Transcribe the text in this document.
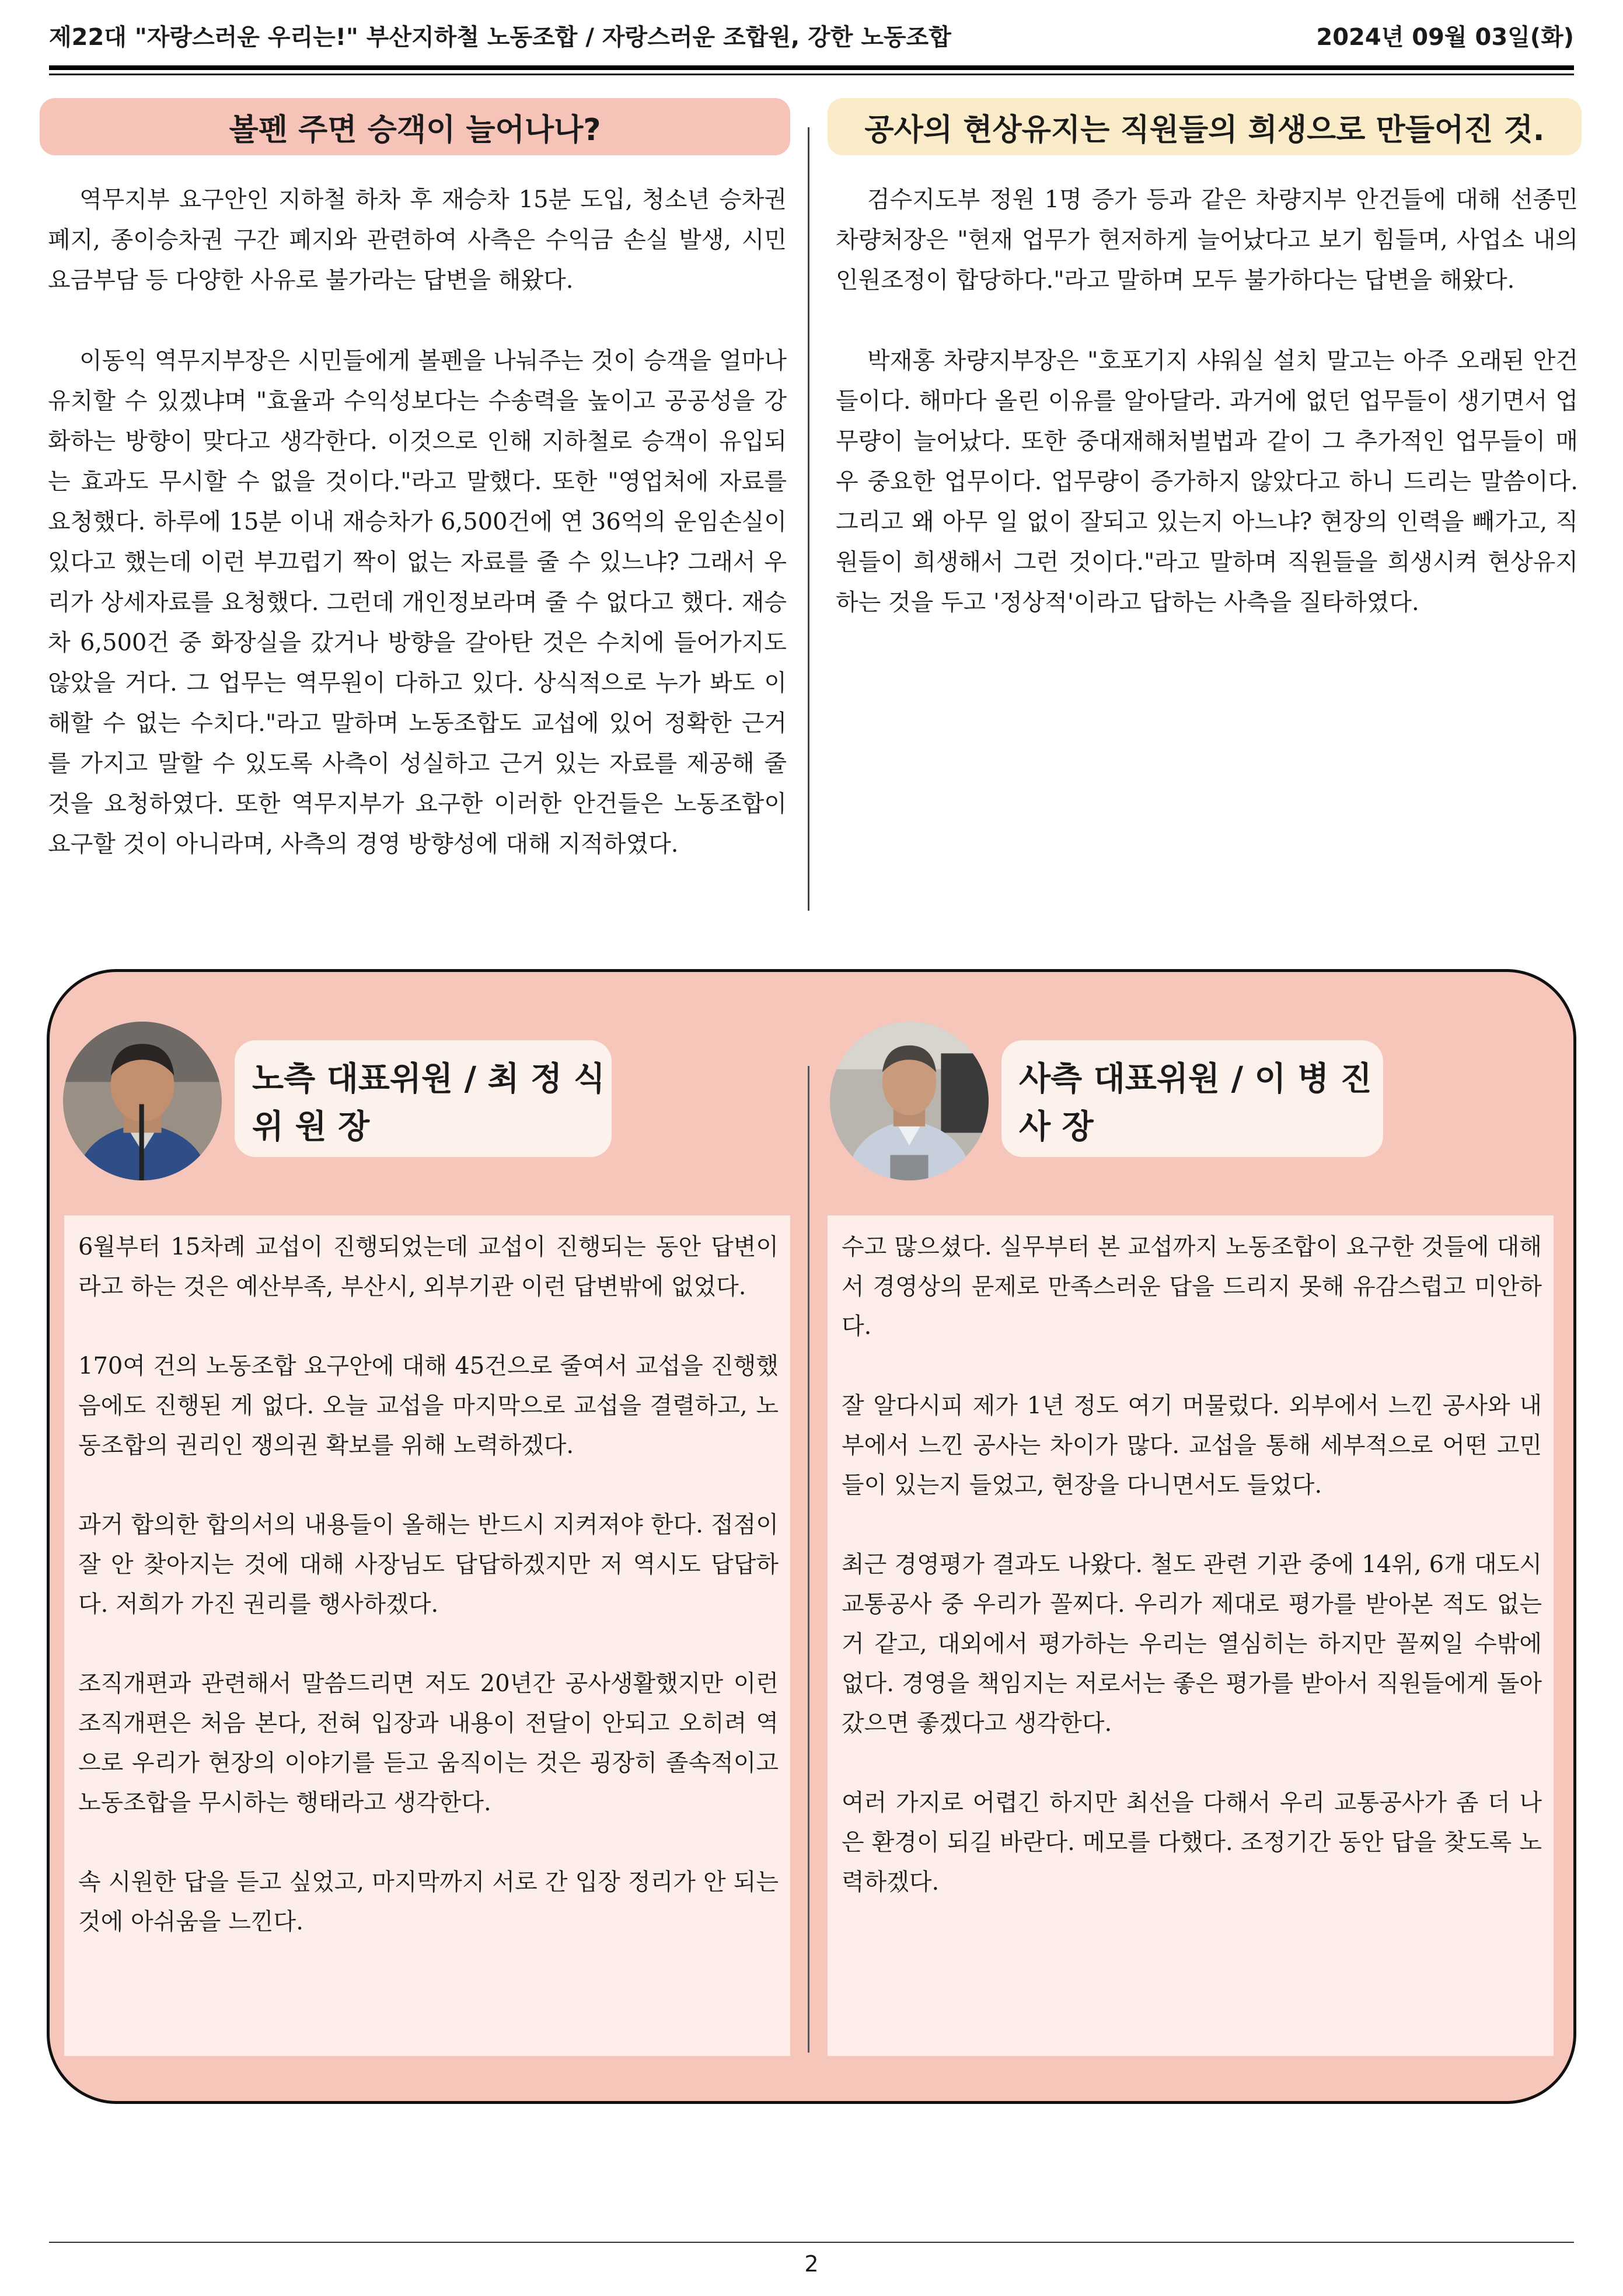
제22대 "자랑스러운 우리는!" 부산지하철 노동조합 / 자랑스러운 조합원, 강한 노동조합	2024년 09월 03일(화)
볼펜 주면 승객이 늘어나나?

역무지부 요구안인 지하철 하차 후 재승차 15분 도입, 청소년 승차권 폐지, 종이승차권 구간 폐지와 관련하여 사측은 수익금 손실 발생, 시민 요금부담 등 다양한 사유로 불가라는 답변을 해왔다.

이동익 역무지부장은 시민들에게 볼펜을 나눠주는 것이 승객을 얼마나 유치할 수 있겠냐며 "효율과 수익성보다는 수송력을 높이고 공공성을 강화하는 방향이 맞다고 생각한다. 이것으로 인해 지하철로 승객이 유입되는 효과도 무시할 수 없을 것이다."라고 말했다. 또한 "영업처에 자료를 요청했다. 하루에 15분 이내 재승차가 6,500건에 연 36억의 운임손실이 있다고 했는데 이런 부끄럽기 짝이 없는 자료를 줄 수 있느냐? 그래서 우리가 상세자료를 요청했다. 그런데 개인정보라며 줄 수 없다고 했다. 재승차 6,500건 중 화장실을 갔거나 방향을 갈아탄 것은 수치에 들어가지도 않았을 거다. 그 업무는 역무원이 다하고 있다. 상식적으로 누가 봐도 이해할 수 없는 수치다."라고 말하며 노동조합도 교섭에 있어 정확한 근거를 가지고 말할 수 있도록 사측이 성실하고 근거 있는 자료를 제공해 줄 것을 요청하였다. 또한 역무지부가 요구한 이러한 안건들은 노동조합이 요구할 것이 아니라며, 사측의 경영 방향성에 대해 지적하였다.

공사의 현상유지는 직원들의 희생으로 만들어진 것.

검수지도부 정원 1명 증가 등과 같은 차량지부 안건들에 대해 선종민 차량처장은 "현재 업무가 현저하게 늘어났다고 보기 힘들며, 사업소 내의 인원조정이 합당하다."라고 말하며 모두 불가하다는 답변을 해왔다.

박재홍 차량지부장은 "호포기지 샤워실 설치 말고는 아주 오래된 안건들이다. 해마다 올린 이유를 알아달라. 과거에 없던 업무들이 생기면서 업무량이 늘어났다. 또한 중대재해처벌법과 같이 그 추가적인 업무들이 매우 중요한 업무이다. 업무량이 증가하지 않았다고 하니 드리는 말씀이다. 그리고 왜 아무 일 없이 잘되고 있는지 아느냐? 현장의 인력을 빼가고, 직원들이 희생해서 그런 것이다."라고 말하며 직원들을 희생시켜 현상유지 하는 것을 두고 '정상적'이라고 답하는 사측을 질타하였다.

노측 대표위원 / 최 정 식
위 원 장

6월부터 15차례 교섭이 진행되었는데 교섭이 진행되는 동안 답변이라고 하는 것은 예산부족, 부산시, 외부기관 이런 답변밖에 없었다.

170여 건의 노동조합 요구안에 대해 45건으로 줄여서 교섭을 진행했음에도 진행된 게 없다. 오늘 교섭을 마지막으로 교섭을 결렬하고, 노동조합의 권리인 쟁의권 확보를 위해 노력하겠다.

과거 합의한 합의서의 내용들이 올해는 반드시 지켜져야 한다. 접점이 잘 안 찾아지는 것에 대해 사장님도 답답하겠지만 저 역시도 답답하다. 저희가 가진 권리를 행사하겠다.

조직개편과 관련해서 말씀드리면 저도 20년간 공사생활했지만 이런 조직개편은 처음 본다, 전혀 입장과 내용이 전달이 안되고 오히려 역으로 우리가 현장의 이야기를 듣고 움직이는 것은 굉장히 졸속적이고 노동조합을 무시하는 행태라고 생각한다.

속 시원한 답을 듣고 싶었고, 마지막까지 서로 간 입장 정리가 안 되는 것에 아쉬움을 느낀다.

사측 대표위원 / 이 병 진
사 장

수고 많으셨다. 실무부터 본 교섭까지 노동조합이 요구한 것들에 대해서 경영상의 문제로 만족스러운 답을 드리지 못해 유감스럽고 미안하다.

잘 알다시피 제가 1년 정도 여기 머물렀다. 외부에서 느낀 공사와 내부에서 느낀 공사는 차이가 많다. 교섭을 통해 세부적으로 어떤 고민들이 있는지 들었고, 현장을 다니면서도 들었다.

최근 경영평가 결과도 나왔다. 철도 관련 기관 중에 14위, 6개 대도시 교통공사 중 우리가 꼴찌다. 우리가 제대로 평가를 받아본 적도 없는 거 같고, 대외에서 평가하는 우리는 열심히는 하지만 꼴찌일 수밖에 없다. 경영을 책임지는 저로서는 좋은 평가를 받아서 직원들에게 돌아갔으면 좋겠다고 생각한다.

여러 가지로 어렵긴 하지만 최선을 다해서 우리 교통공사가 좀 더 나은 환경이 되길 바란다. 메모를 다했다. 조정기간 동안 답을 찾도록 노력하겠다.

2
